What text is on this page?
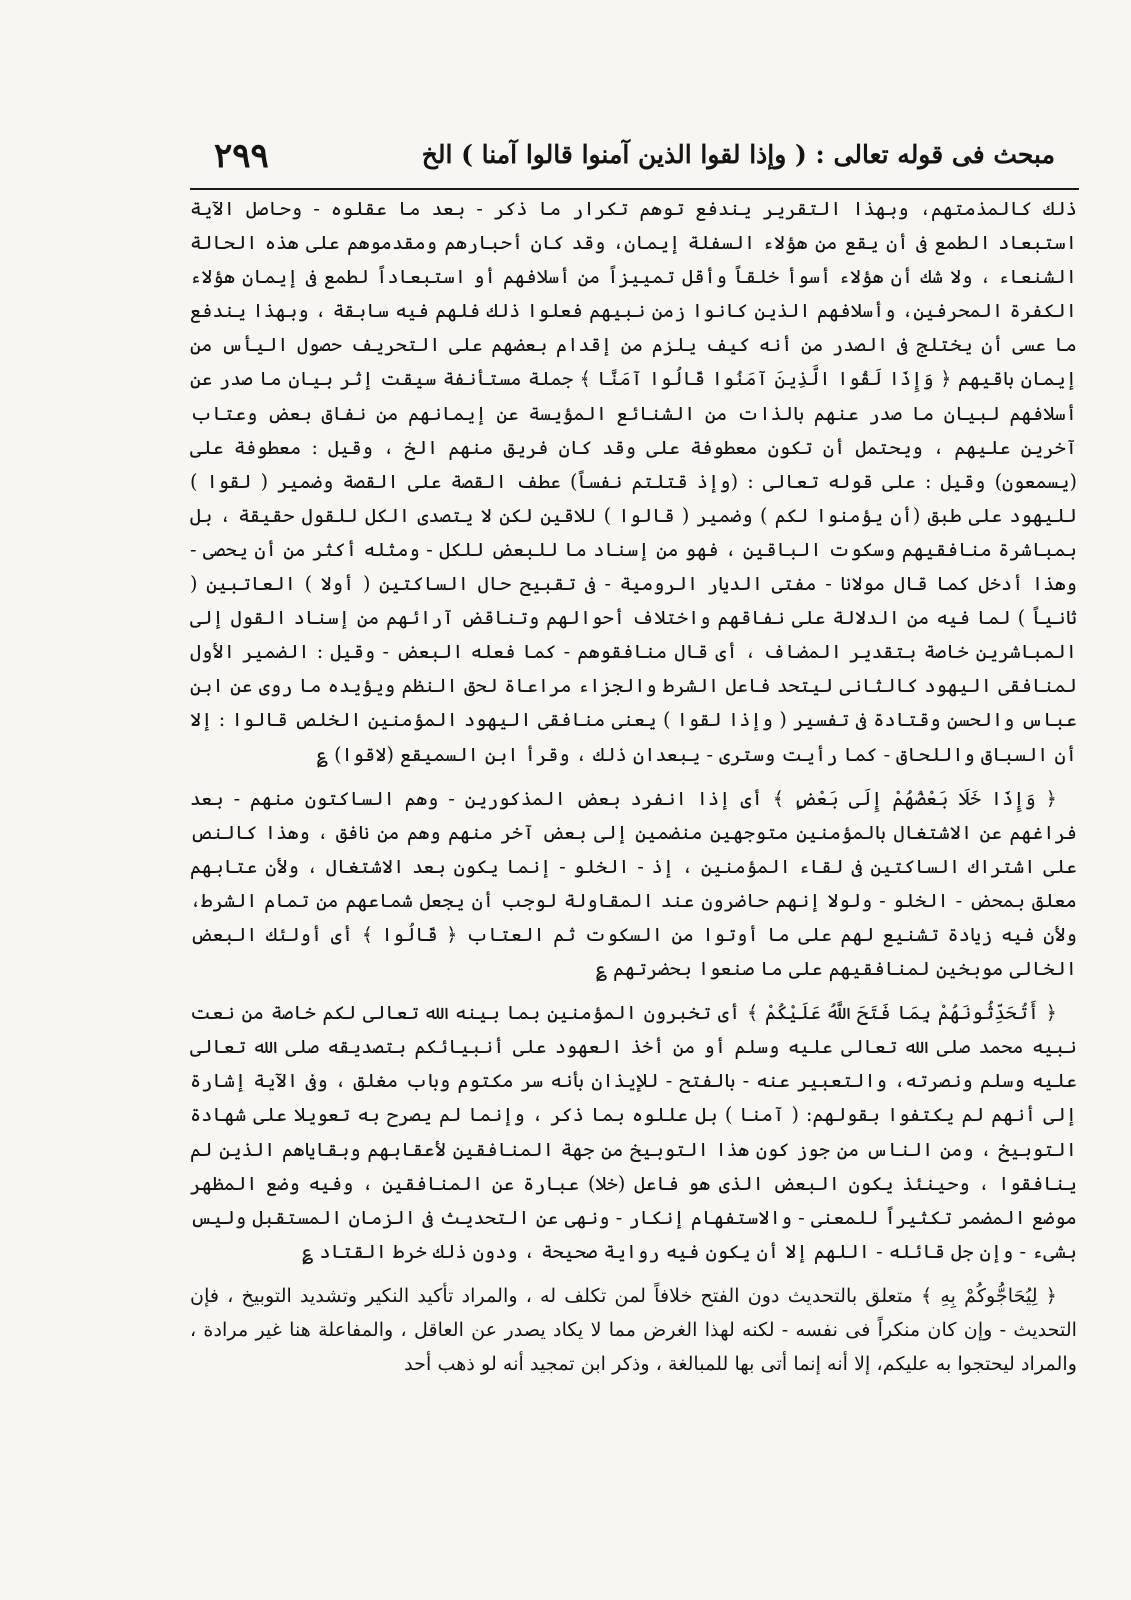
مبحث فى قوله تعالى : ( وإذا لقوا الذين آمنوا قالوا آمنا ) الخ
٢٩٩

ذلك كالمذمتهم، وبهذا التقرير يندفع توهم تكرار ما ذكر - بعد ما عقلوه - وحاصل الآية استبعاد الطمع فى أن يقع من هؤلاء السفلة إيمان، وقد كان أحبارهم ومقدموهم على هذه الحالة الشنعاء ، ولا شك أن هؤلاء أسوأ خلقاً وأقل تمييزاً من أسلافهم أو استبعاداً لطمع فى إيمان هؤلاء الكفرة المحرفين، وأسلافهم الذين كانوا زمن نبيهم فعلوا ذلك فلهم فيه سابقة ، وبهذا يندفع ما عسى أن يختلج فى الصدر من أنه كيف يلزم من إقدام بعضهم على التحريف حصول اليأس من إيمان باقيهم ﴿ وَإِذَا لَقُوا الَّذِينَ آمَنُوا قَالُوا آمَنَّا ﴾ جملة مستأنفة سيقت إثر بيان ما صدر عن أسلافهم لبيان ما صدر عنهم بالذات من الشنائع المؤيسة عن إيمانهم من نفاق بعض وعتاب آخرين عليهم ، ويحتمل أن تكون معطوفة على وقد كان فريق منهم الخ ، وقيل : معطوفة على (يسمعون) وقيل : على قوله تعالى : (وإذ قتلتم نفساً) عطف القصة على القصة وضمير ( لقوا ) لليهود على طبق (أن يؤمنوا لكم ) وضمير ( قالوا ) للاقين لكن لا يتصدى الكل للقول حقيقة ، بل بمباشرة منافقيهم وسكوت الباقين ، فهو من إسناد ما للبعض للكل - ومثله أكثر من أن يحصى - وهذا أدخل كما قال مولانا - مفتى الديار الرومية - فى تقبيح حال الساكتين ( أولا ) العاتبين ( ثانياً ) لما فيه من الدلالة على نفاقهم واختلاف أحوالهم وتناقض آرائهم من إسناد القول إلى المباشرين خاصة بتقدير المضاف ، أى قال منافقوهم - كما فعله البعض - وقيل : الضمير الأول لمنافقى اليهود كالثانى ليتحد فاعل الشرط والجزاء مراعاة لحق النظم ويؤيده ما روى عن ابن عباس والحسن وقتادة فى تفسير ( وإذا لقوا ) يعنى منافقى اليهود المؤمنين الخلص قالوا : إلا أن السباق واللحاق - كما رأيت وسترى - يبعدان ذلك ، وقرأ ابن السميقع (لاقوا) ؏

﴿ وَإِذَا خَلَا بَعْضُهُمْ إِلَى بَعْضٍ ﴾ أى إذا انفرد بعض المذكورين - وهم الساكتون منهم - بعد فراغهم عن الاشتغال بالمؤمنين متوجهين منضمين إلى بعض آخر منهم وهم من نافق ، وهذا كالنص على اشتراك الساكتين فى لقاء المؤمنين ، إذ - الخلو - إنما يكون بعد الاشتغال ، ولأن عتابهم معلق بمحض - الخلو - ولولا إنهم حاضرون عند المقاولة لوجب أن يجعل شماعهم من تمام الشرط، ولأن فيه زيادة تشنيع لهم على ما أوتوا من السكوت ثم العتاب ﴿ قَالُوا ﴾ أى أولئك البعض الخالى موبخين لمنافقيهم على ما صنعوا بحضرتهم ؏

﴿ أَتُحَدِّثُونَهُمْ بِمَا فَتَحَ اللَّهُ عَلَيْكُمْ ﴾ أى تخبرون المؤمنين بما بينه الله تعالى لكم خاصة من نعت نبيه محمد صلى الله تعالى عليه وسلم أو من أخذ العهود على أنبيائكم بتصديقه صلى الله تعالى عليه وسلم ونصرته، والتعبير عنه - بالفتح - للإيذان بأنه سر مكتوم وباب مغلق ، وفى الآية إشارة إلى أنهم لم يكتفوا بقولهم: ( آمنا ) بل عللوه بما ذكر ، وإنما لم يصرح به تعويلا على شهادة التوبيخ ، ومن الناس من جوز كون هذا التوبيخ من جهة المنافقين لأعقابهم وبقاياهم الذين لم ينافقوا ، وحينئذ يكون البعض الذى هو فاعل (خلا) عبارة عن المنافقين ، وفيه وضع المظهر موضع المضمر تكثيراً للمعنى - والاستفهام إنكار - ونهى عن التحديث فى الزمان المستقبل وليس بشىء - وإن جل قائله - اللهم إلا أن يكون فيه رواية صحيحة ، ودون ذلك خرط القتاد ؏

﴿ لِيُحَاجُّوكُمْ بِهِ ﴾ متعلق بالتحديث دون الفتح خلافاً لمن تكلف له ، والمراد تأكيد النكير وتشديد التوبيخ ، فإن التحديث - وإن كان منكراً فى نفسه - لكنه لهذا الغرض مما لا يكاد يصدر عن العاقل ، والمفاعلة هنا غير مرادة ، والمراد ليحتجوا به عليكم، إلا أنه إنما أتى بها للمبالغة ، وذكر ابن تمجيد أنه لو ذهب أحد
